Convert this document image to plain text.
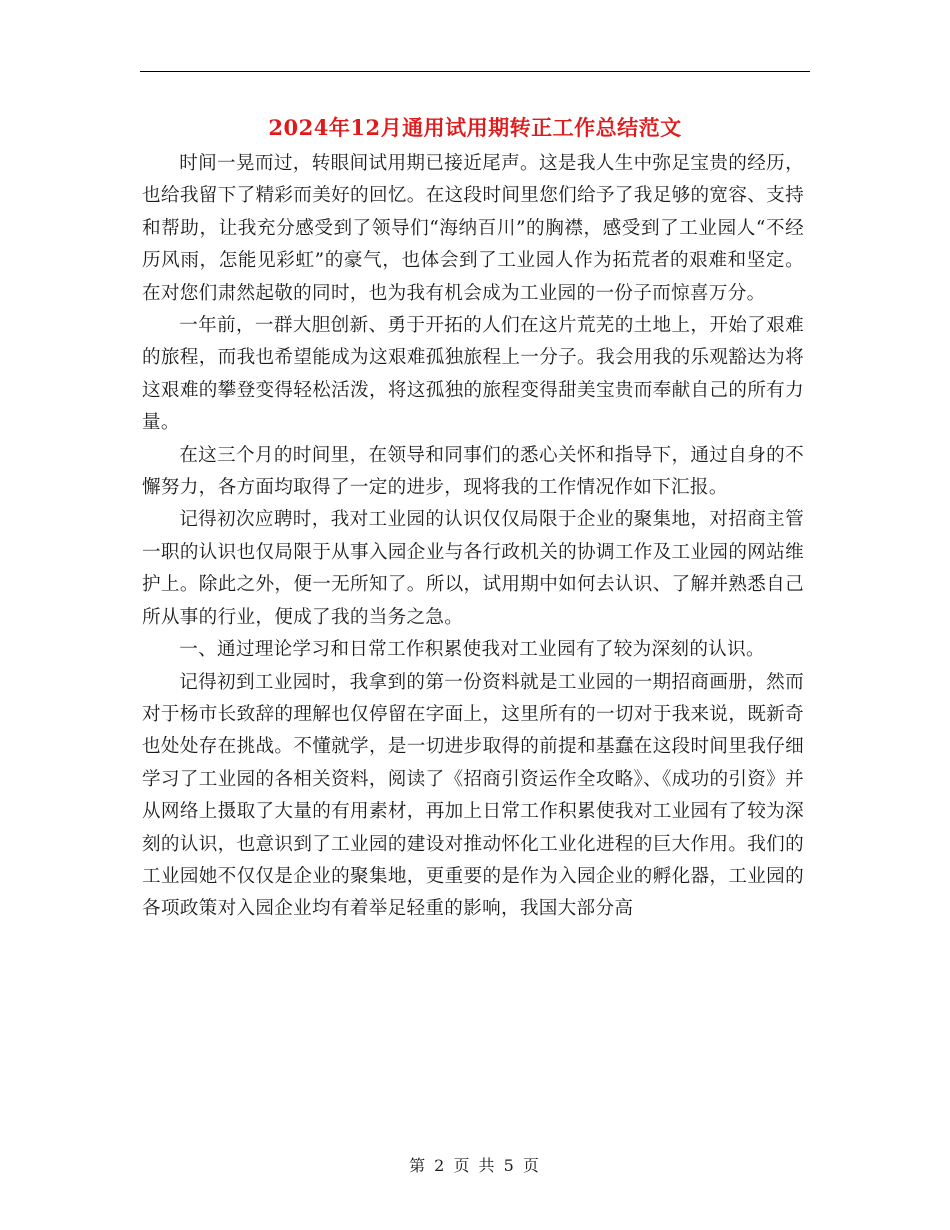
2024年12月通用试用期转正工作总结范文

时间一晃而过，转眼间试用期已接近尾声。这是我人生中弥足宝贵的经历，也给我留下了精彩而美好的回忆。在这段时间里您们给予了我足够的宽容、支持和帮助，让我充分感受到了领导们“海纳百川”的胸襟，感受到了工业园人“不经历风雨，怎能见彩虹”的豪气，也体会到了工业园人作为拓荒者的艰难和坚定。在对您们肃然起敬的同时，也为我有机会成为工业园的一份子而惊喜万分。

一年前，一群大胆创新、勇于开拓的人们在这片荒芜的土地上，开始了艰难的旅程，而我也希望能成为这艰难孤独旅程上一分子。我会用我的乐观豁达为将这艰难的攀登变得轻松活泼，将这孤独的旅程变得甜美宝贵而奉献自己的所有力量。

在这三个月的时间里，在领导和同事们的悉心关怀和指导下，通过自身的不懈努力，各方面均取得了一定的进步，现将我的工作情况作如下汇报。

记得初次应聘时，我对工业园的认识仅仅局限于企业的聚集地，对招商主管一职的认识也仅局限于从事入园企业与各行政机关的协调工作及工业园的网站维护上。除此之外，便一无所知了。所以，试用期中如何去认识、了解并熟悉自己所从事的行业，便成了我的当务之急。

一、通过理论学习和日常工作积累使我对工业园有了较为深刻的认识。

记得初到工业园时，我拿到的第一份资料就是工业园的一期招商画册，然而对于杨市长致辞的理解也仅停留在字面上，这里所有的一切对于我来说，既新奇也处处存在挑战。不懂就学，是一切进步取得的前提和基蠢在这段时间里我仔细学习了工业园的各相关资料，阅读了《招商引资运作全攻略》、《成功的引资》并从网络上摄取了大量的有用素材，再加上日常工作积累使我对工业园有了较为深刻的认识，也意识到了工业园的建设对推动怀化工业化进程的巨大作用。我们的工业园她不仅仅是企业的聚集地，更重要的是作为入园企业的孵化器，工业园的各项政策对入园企业均有着举足轻重的影响，我国大部分高

第 2 页 共 5 页
